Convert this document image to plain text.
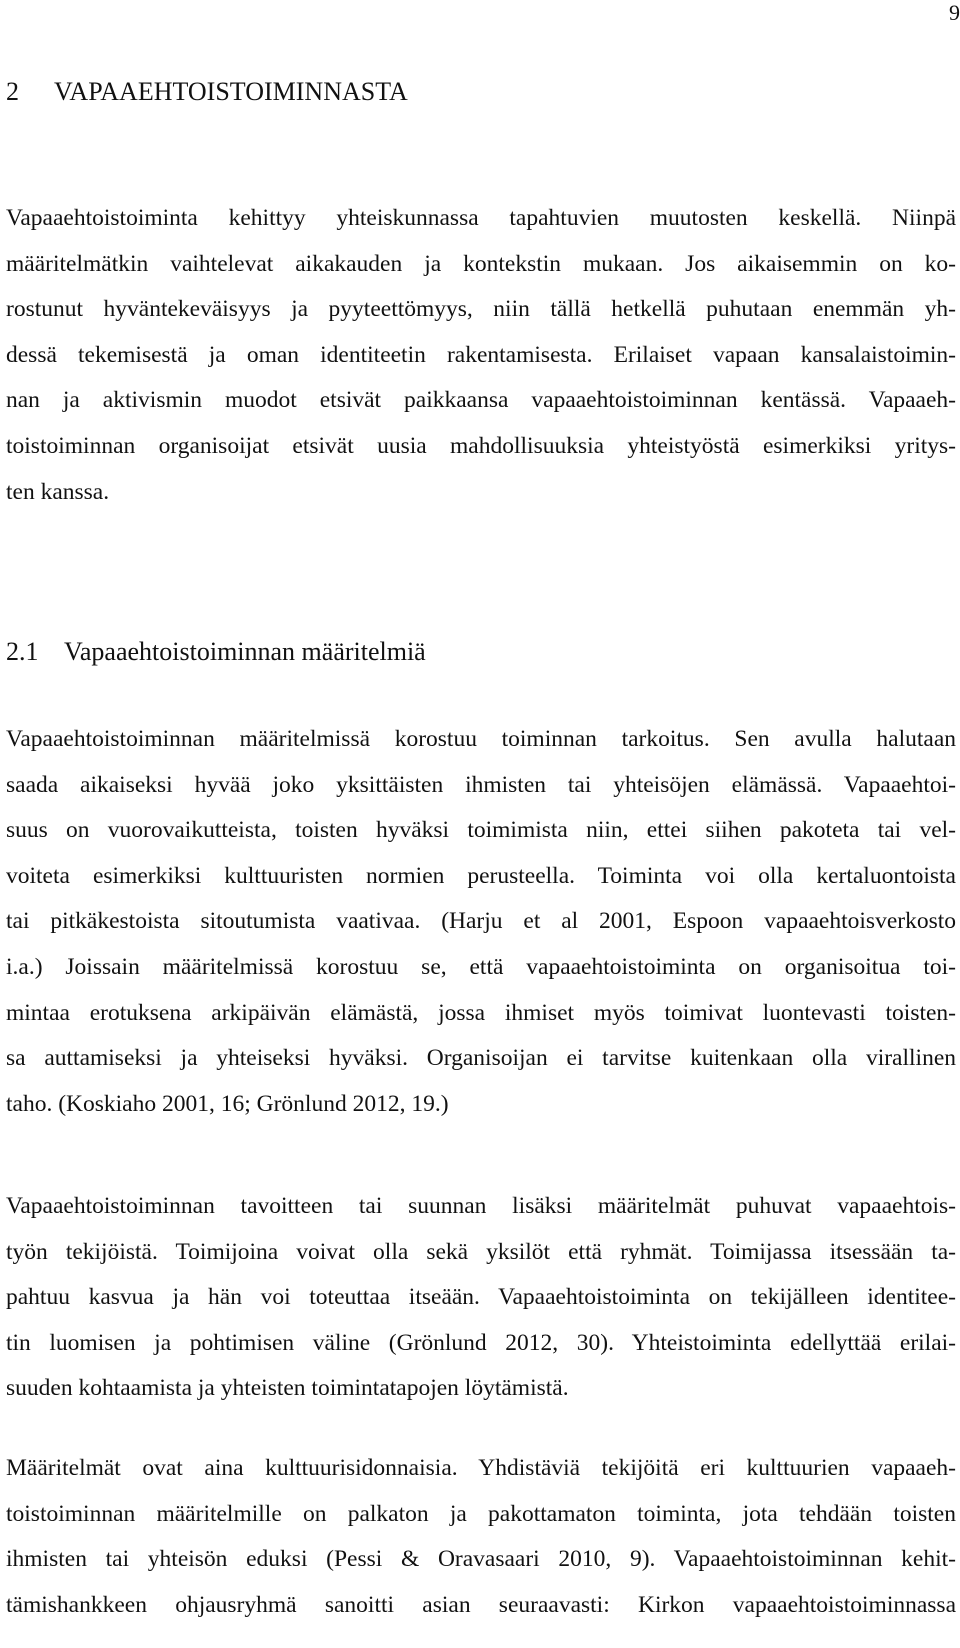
9
2 VAPAAEHTOISTOIMINNASTA
Vapaaehtoistoiminta kehittyy yhteiskunnassa tapahtuvien muutosten keskellä. Niinpä
määritelmätkin vaihtelevat aikakauden ja kontekstin mukaan. Jos aikaisemmin on ko-
rostunut hyväntekeväisyys ja pyyteettömyys, niin tällä hetkellä puhutaan enemmän yh-
dessä tekemisestä ja oman identiteetin rakentamisesta. Erilaiset vapaan kansalaistoimin-
nan ja aktivismin muodot etsivät paikkaansa vapaaehtoistoiminnan kentässä. Vapaaeh-
toistoiminnan organisoijat etsivät uusia mahdollisuuksia yhteistyöstä esimerkiksi yritys-
ten kanssa.
2.1 Vapaaehtoistoiminnan määritelmiä
Vapaaehtoistoiminnan määritelmissä korostuu toiminnan tarkoitus. Sen avulla halutaan
saada aikaiseksi hyvää joko yksittäisten ihmisten tai yhteisöjen elämässä. Vapaaehtoi-
suus on vuorovaikutteista, toisten hyväksi toimimista niin, ettei siihen pakoteta tai vel-
voiteta esimerkiksi kulttuuristen normien perusteella. Toiminta voi olla kertaluontoista
tai pitkäkestoista sitoutumista vaativaa. (Harju et al 2001, Espoon vapaaehtoisverkosto
i.a.) Joissain määritelmissä korostuu se, että vapaaehtoistoiminta on organisoitua toi-
mintaa erotuksena arkipäivän elämästä, jossa ihmiset myös toimivat luontevasti toisten-
sa auttamiseksi ja yhteiseksi hyväksi. Organisoijan ei tarvitse kuitenkaan olla virallinen
taho. (Koskiaho 2001, 16; Grönlund 2012, 19.)
Vapaaehtoistoiminnan tavoitteen tai suunnan lisäksi määritelmät puhuvat vapaaehtois-
työn tekijöistä. Toimijoina voivat olla sekä yksilöt että ryhmät. Toimijassa itsessään ta-
pahtuu kasvua ja hän voi toteuttaa itseään. Vapaaehtoistoiminta on tekijälleen identitee-
tin luomisen ja pohtimisen väline (Grönlund 2012, 30). Yhteistoiminta edellyttää erilai-
suuden kohtaamista ja yhteisten toimintatapojen löytämistä.
Määritelmät ovat aina kulttuurisidonnaisia. Yhdistäviä tekijöitä eri kulttuurien vapaaeh-
toistoiminnan määritelmille on palkaton ja pakottamaton toiminta, jota tehdään toisten
ihmisten tai yhteisön eduksi (Pessi & Oravasaari 2010, 9). Vapaaehtoistoiminnan kehit-
tämishankkeen ohjausryhmä sanoitti asian seuraavasti: Kirkon vapaaehtoistoiminnassa
